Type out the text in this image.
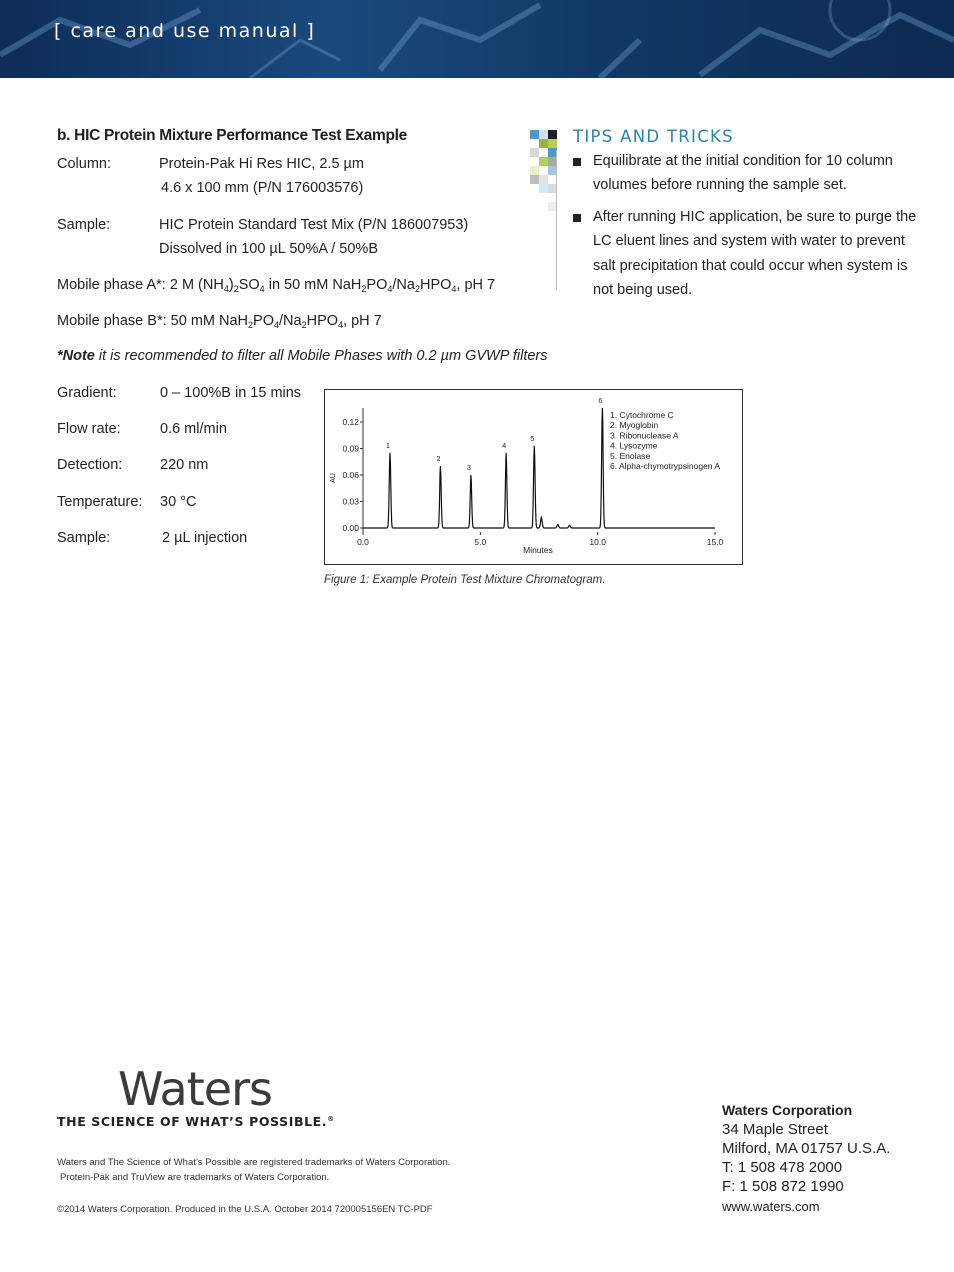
[ care and use manual ]
b. HIC Protein Mixture Performance Test Example
Column:	Protein-Pak Hi Res HIC, 2.5 µm
4.6 x 100 mm (P/N 176003576)
Sample:	HIC Protein Standard Test Mix (P/N 186007953)
Dissolved in 100 µL 50%A / 50%B
Mobile phase A*: 2 M $(NH_4)_2SO_4$ in 50 mM $NaH_2PO_4/Na_2HPO_4$, pH 7
Mobile phase B*: 50 mM $NaH_2PO_4/Na_2HPO_4$, pH 7
*Note it is recommended to filter all Mobile Phases with 0.2 µm GVWP filters
Gradient:	0 – 100%B in 15 mins
Flow rate:	0.6 ml/min
Detection:	220 nm
Temperature: 30 °C
Sample:	2 µL injection
TIPS AND TRICKS
Equilibrate at the initial condition for 10 column
volumes before running the sample set.
After running HIC application, be sure to purge the
LC eluent lines and system with water to prevent
salt precipitation that could occur when system is
not being used.
0.00
0.03
0.06
0.09
0.12
AU
0.0	5.0	10.0	15.0
Minutes
1
2
3
4
5
6
1. Cytochrome C
2. Myoglobin
3. Ribonuclease A
4. Lysozyme
5. Enolase
6. Alpha-chymotrypsinogen A
Figure 1: Example Protein Test Mixture Chromatogram.
Waters
THE SCIENCE OF WHAT’S POSSIBLE.®
Waters and The Science of What’s Possible are registered trademarks of Waters Corporation.
Protein-Pak and TruView are trademarks of Waters Corporation.
©2014 Waters Corporation. Produced in the U.S.A. October 2014 720005156EN TC-PDF
Waters Corporation
34 Maple Street
Milford, MA 01757 U.S.A.
T: 1 508 478 2000
F: 1 508 872 1990
www.waters.com
